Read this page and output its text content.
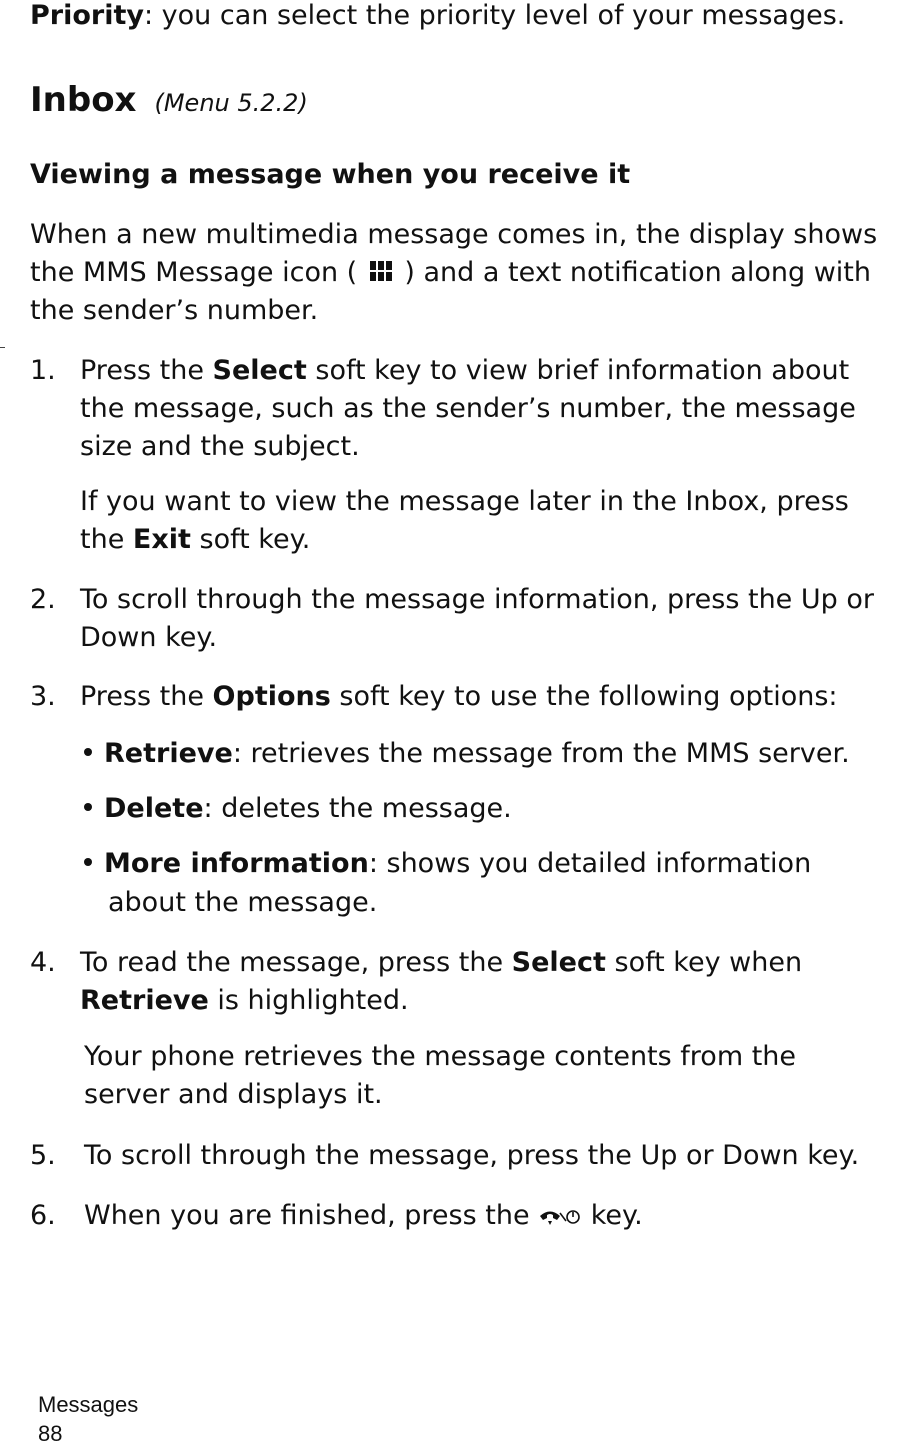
Priority: you can select the priority level of your messages.
Inbox (Menu 5.2.2)
Viewing a message when you receive it
When a new multimedia message comes in, the display shows
the MMS Message icon (  ) and a text notification along with
the sender’s number.
1. Press the Select soft key to view brief information about
the message, such as the sender’s number, the message
size and the subject.
If you want to view the message later in the Inbox, press
the Exit soft key.
2. To scroll through the message information, press the Up or
Down key.
3. Press the Options soft key to use the following options:
Retrieve: retrieves the message from the MMS server.
Delete: deletes the message.
More information: shows you detailed information
about the message.
4. To read the message, press the Select soft key when
Retrieve is highlighted.
Your phone retrieves the message contents from the
server and displays it.
5.	To scroll through the message, press the Up or Down key.
6.	When you are finished, press the  key.
Messages
88
